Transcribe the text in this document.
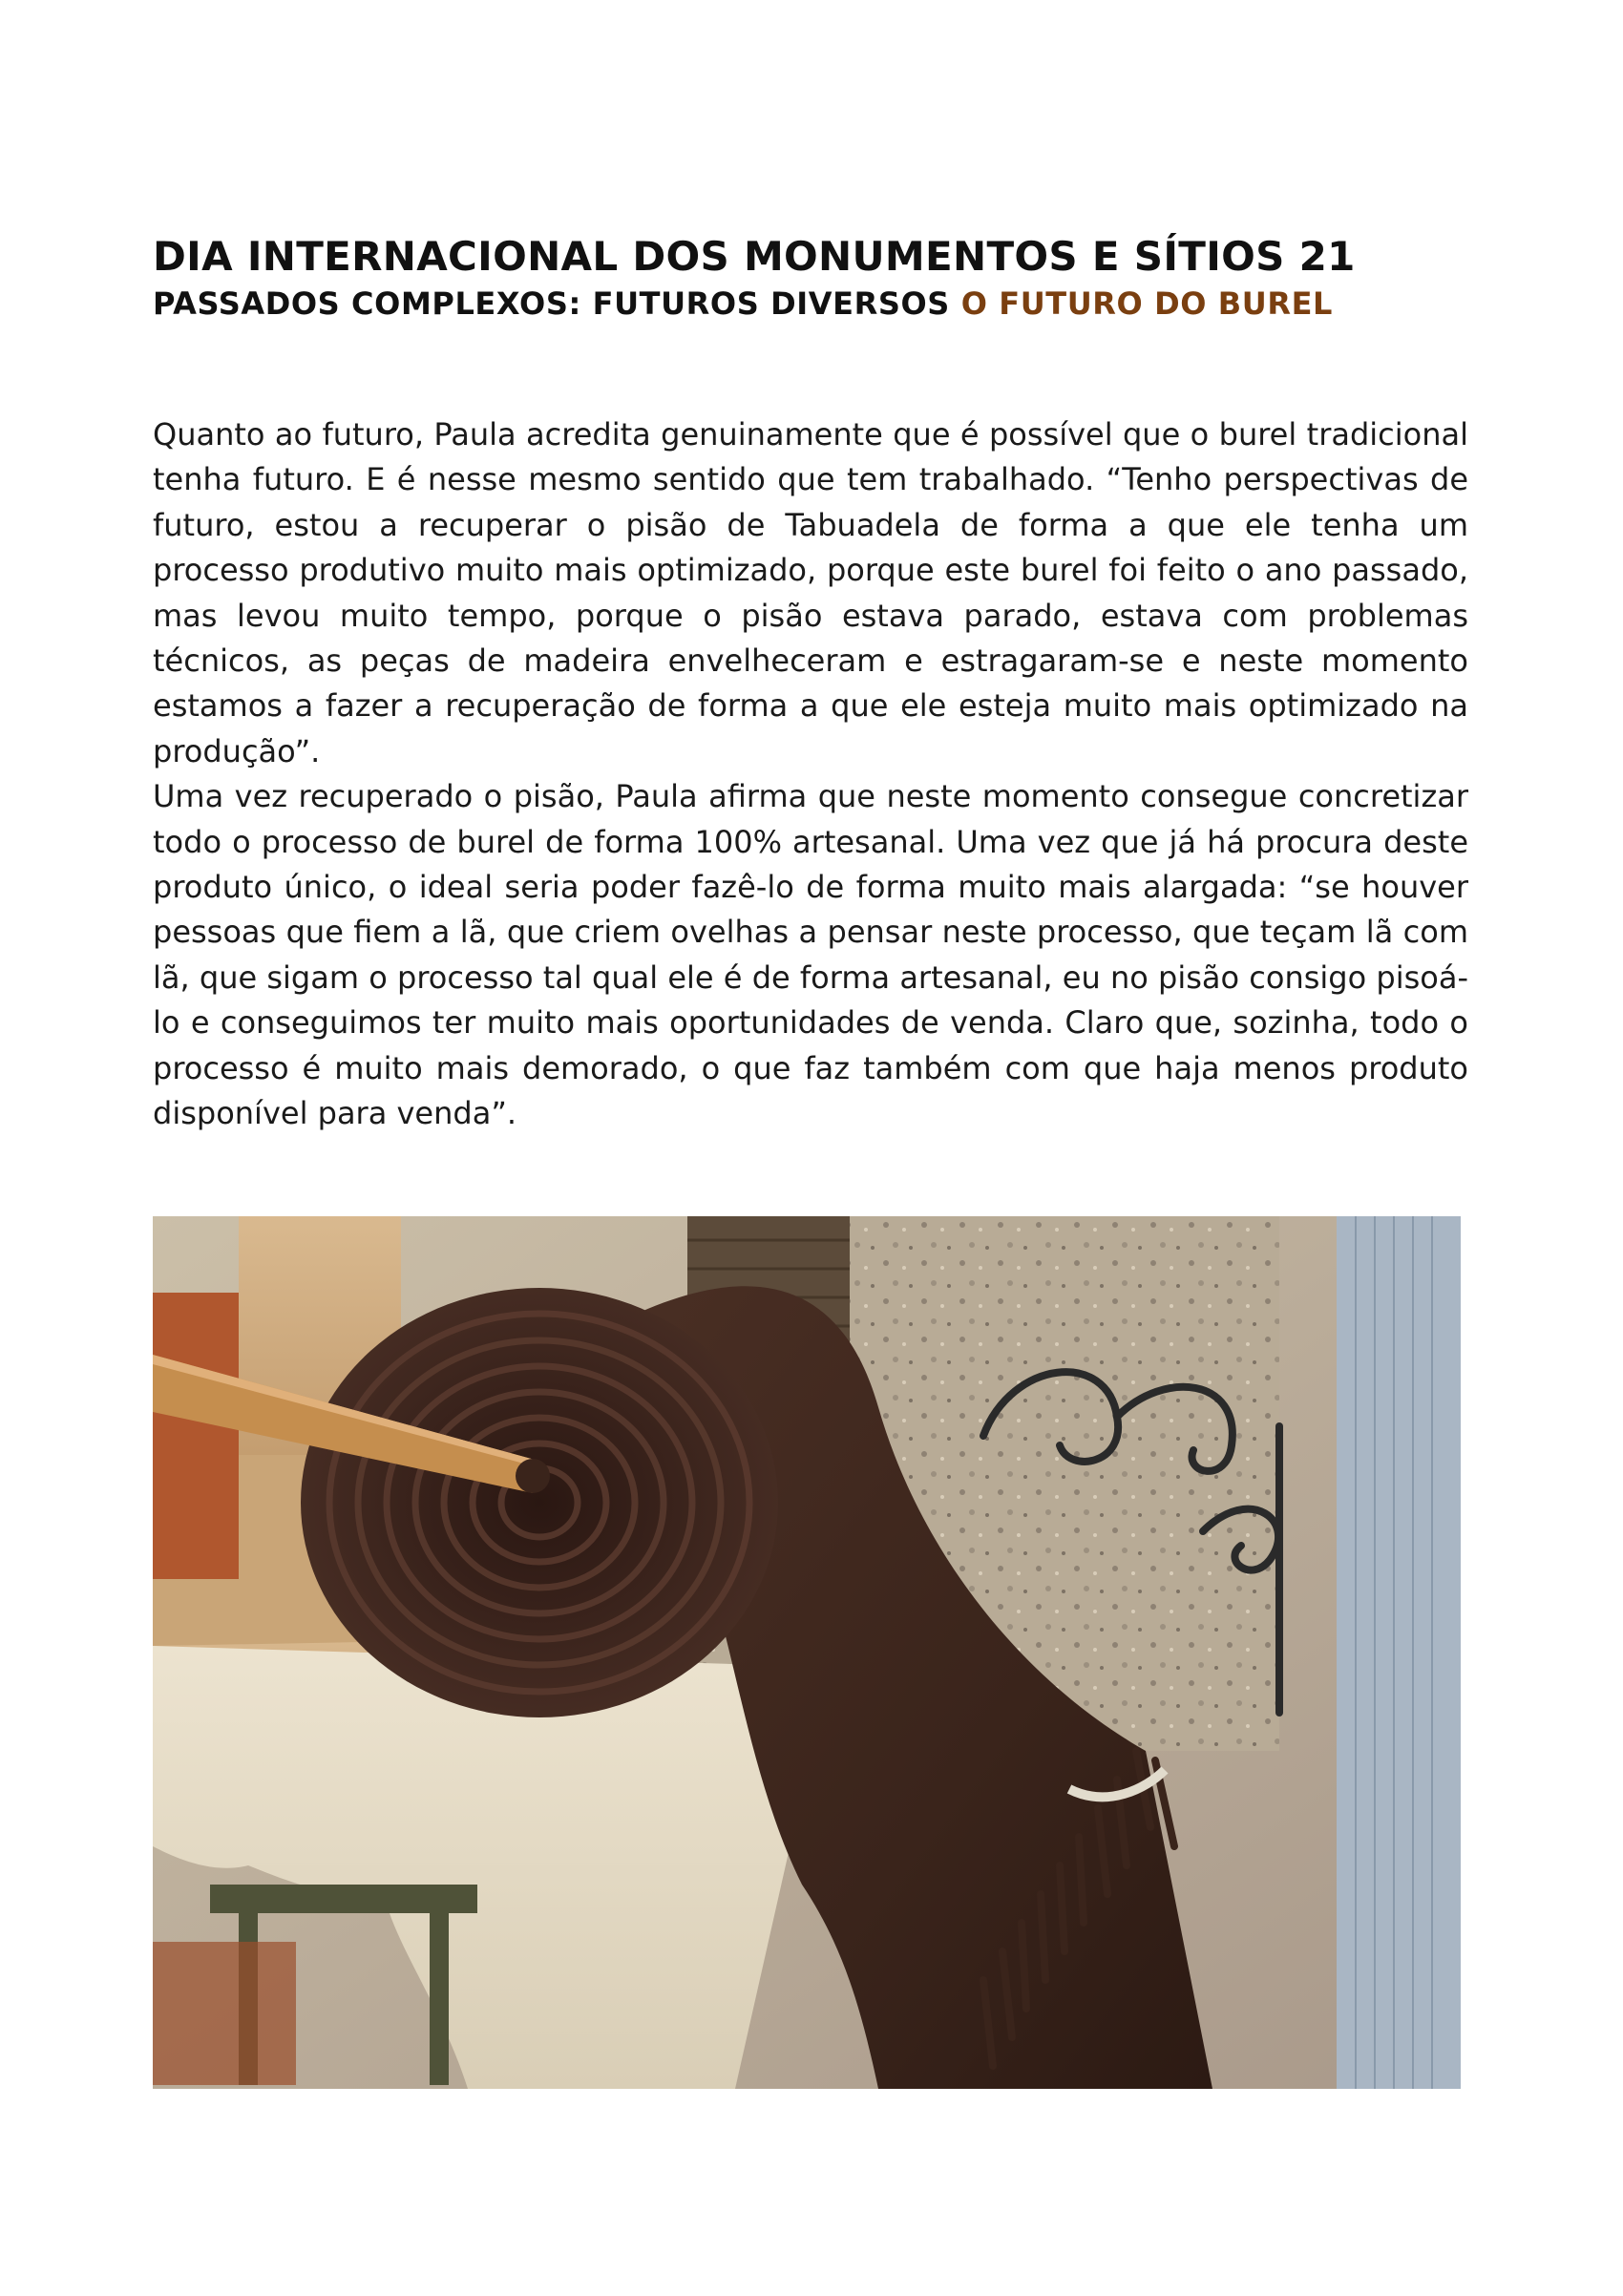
DIA INTERNACIONAL DOS MONUMENTOS E SÍTIOS 21
PASSADOS COMPLEXOS: FUTUROS DIVERSOS O FUTURO DO BUREL

Quanto ao futuro, Paula acredita genuinamente que é possível que o burel tradicional tenha futuro. E é nesse mesmo sentido que tem trabalhado. “Tenho perspectivas de futuro, estou a recuperar o pisão de Tabuadela de forma a que ele tenha um processo produtivo muito mais optimizado, porque este burel foi feito o ano passado, mas levou muito tempo, porque o pisão estava parado, estava com problemas técnicos, as peças de madeira envelheceram e estragaram-se e neste momento estamos a fazer a recuperação de forma a que ele esteja muito mais optimizado na produção”.

Uma vez recuperado o pisão, Paula afirma que neste momento consegue concretizar todo o processo de burel de forma 100% artesanal. Uma vez que já há procura deste produto único, o ideal seria poder fazê-lo de forma muito mais alargada: “se houver pessoas que fiem a lã, que criem ovelhas a pensar neste processo, que teçam lã com lã, que sigam o processo tal qual ele é de forma artesanal, eu no pisão consigo pisoá-lo e conseguimos ter muito mais oportunidades de venda. Claro que, sozinha, todo o processo é muito mais demorado, o que faz também com que haja menos produto disponível para venda”.
